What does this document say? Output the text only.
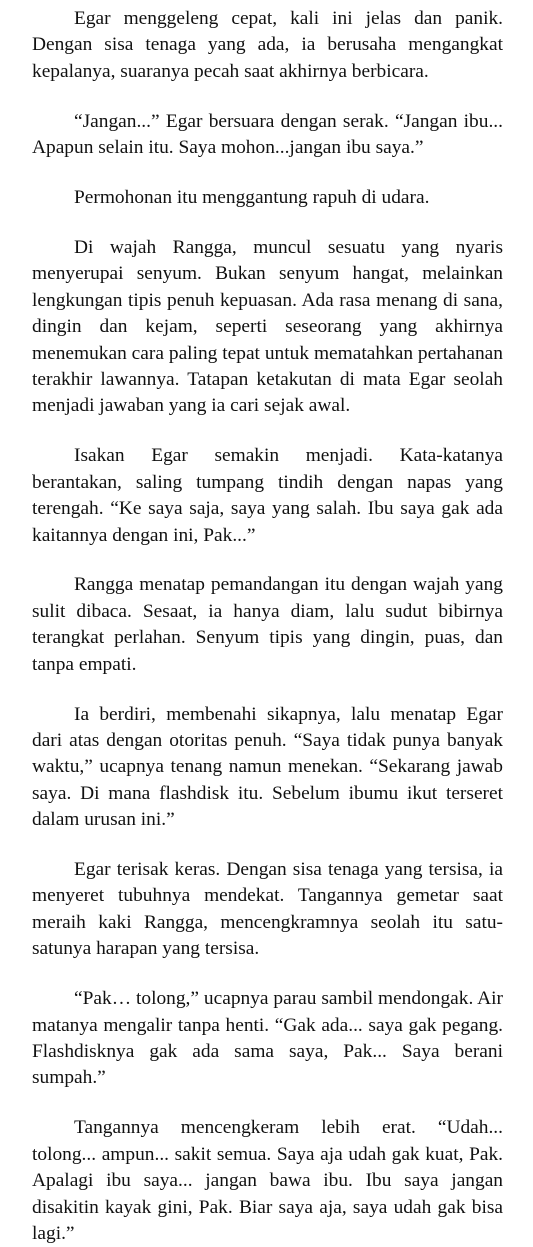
Egar menggeleng cepat, kali ini jelas dan panik. Dengan sisa tenaga yang ada, ia berusaha mengangkat kepalanya, suaranya pecah saat akhirnya berbicara.

“Jangan...” Egar bersuara dengan serak. “Jangan ibu... Apapun selain itu. Saya mohon...jangan ibu saya.”

Permohonan itu menggantung rapuh di udara.

Di wajah Rangga, muncul sesuatu yang nyaris menyerupai senyum. Bukan senyum hangat, melainkan lengkungan tipis penuh kepuasan. Ada rasa menang di sana, dingin dan kejam, seperti seseorang yang akhirnya menemukan cara paling tepat untuk mematahkan pertahanan terakhir lawannya. Tatapan ketakutan di mata Egar seolah menjadi jawaban yang ia cari sejak awal.

Isakan Egar semakin menjadi. Kata-katanya berantakan, saling tumpang tindih dengan napas yang terengah. “Ke saya saja, saya yang salah. Ibu saya gak ada kaitannya dengan ini, Pak...”

Rangga menatap pemandangan itu dengan wajah yang sulit dibaca. Sesaat, ia hanya diam, lalu sudut bibirnya terangkat perlahan. Senyum tipis yang dingin, puas, dan tanpa empati.

Ia berdiri, membenahi sikapnya, lalu menatap Egar dari atas dengan otoritas penuh. “Saya tidak punya banyak waktu,” ucapnya tenang namun menekan. “Sekarang jawab saya. Di mana flashdisk itu. Sebelum ibumu ikut terseret dalam urusan ini.”

Egar terisak keras. Dengan sisa tenaga yang tersisa, ia menyeret tubuhnya mendekat. Tangannya gemetar saat meraih kaki Rangga, mencengkramnya seolah itu satu-satunya harapan yang tersisa.

“Pak… tolong,” ucapnya parau sambil mendongak. Air matanya mengalir tanpa henti. “Gak ada... saya gak pegang. Flashdisknya gak ada sama saya, Pak... Saya berani sumpah.”

Tangannya mencengkeram lebih erat. “Udah... tolong... ampun... sakit semua. Saya aja udah gak kuat, Pak. Apalagi ibu saya... jangan bawa ibu. Ibu saya jangan disakitin kayak gini, Pak. Biar saya aja, saya udah gak bisa lagi.”
